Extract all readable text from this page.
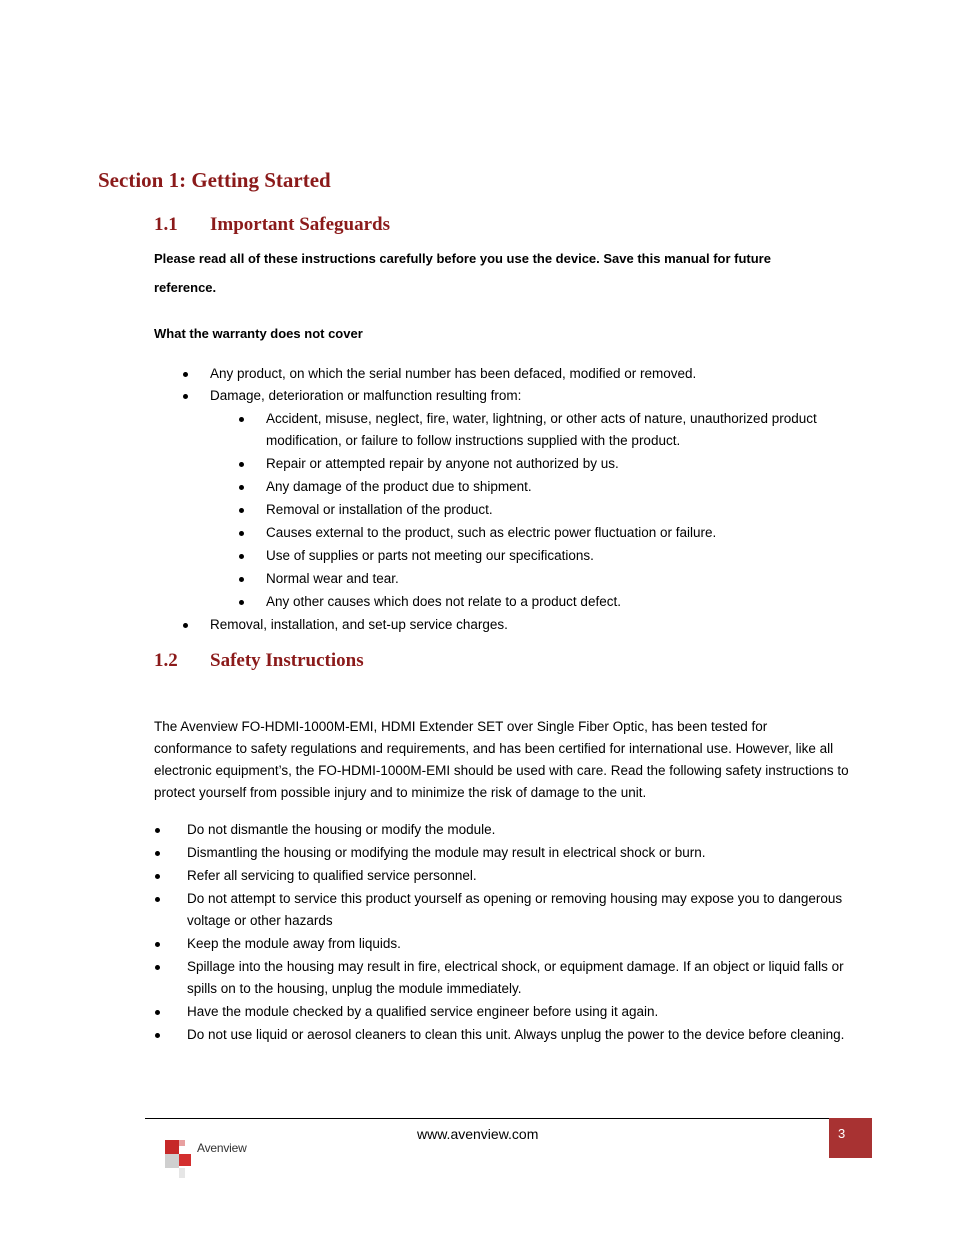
Section 1: Getting Started
1.1 Important Safeguards

Please read all of these instructions carefully before you use the device. Save this manual for future reference.

What the warranty does not cover

Any product, on which the serial number has been defaced, modified or removed.
Damage, deterioration or malfunction resulting from:
Accident, misuse, neglect, fire, water, lightning, or other acts of nature, unauthorized product modification, or failure to follow instructions supplied with the product.
Repair or attempted repair by anyone not authorized by us.
Any damage of the product due to shipment.
Removal or installation of the product.
Causes external to the product, such as electric power fluctuation or failure.
Use of supplies or parts not meeting our specifications.
Normal wear and tear.
Any other causes which does not relate to a product defect.
Removal, installation, and set-up service charges.
1.2 Safety Instructions

The Avenview FO-HDMI-1000M-EMI, HDMI Extender SET over Single Fiber Optic, has been tested for conformance to safety regulations and requirements, and has been certified for international use. However, like all electronic equipment’s, the FO-HDMI-1000M-EMI should be used with care. Read the following safety instructions to protect yourself from possible injury and to minimize the risk of damage to the unit.

Do not dismantle the housing or modify the module.
Dismantling the housing or modifying the module may result in electrical shock or burn.
Refer all servicing to qualified service personnel.
Do not attempt to service this product yourself as opening or removing housing may expose you to dangerous voltage or other hazards
Keep the module away from liquids.
Spillage into the housing may result in fire, electrical shock, or equipment damage. If an object or liquid falls or spills on to the housing, unplug the module immediately.
Have the module checked by a qualified service engineer before using it again.
Do not use liquid or aerosol cleaners to clean this unit. Always unplug the power to the device before cleaning.
www.avenview.com	3
Avenview
